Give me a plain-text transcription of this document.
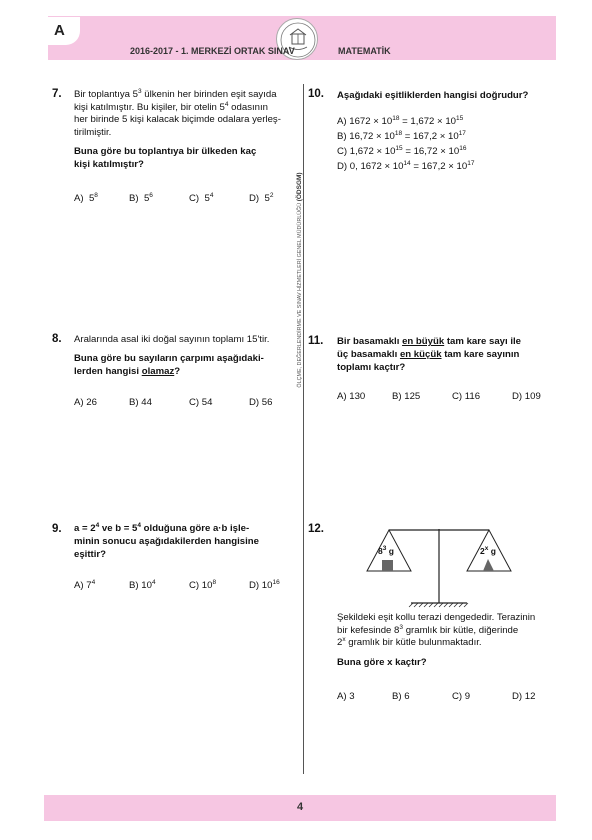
A
2016-2017 - 1. MERKEZİ ORTAK SINAV	MATEMATİK
ÖLÇME, DEĞERLENDİRME VE SINAV HİZMETLERİ GENEL MÜDÜRLÜĞÜ (ÖDSGM)
7. Bir toplantıya $5^3$ ülkenin her birinden eşit sayıda
kişi katılmıştır. Bu kişiler, bir otelin $5^4$ odasının
her birinde 5 kişi kalacak biçimde odalara yerleş-
tirilmiştir.
Buna göre bu toplantıya bir ülkeden kaç
kişi katılmıştır?
A) $5^8$	B) $5^6$	C) $5^4$	D) $5^2$
10. Aşağıdaki eşitliklerden hangisi doğrudur?
A) $1672 \times 10^{18} = 1,672 \times 10^{15}$
B) $16,72 \times 10^{18} = 167,2 \times 10^{17}$
C) $1,672 \times 10^{15} = 16,72 \times 10^{16}$
D) 0, $1672 \times 10^{14} = 167,2 \times 10^{17}$
8. Aralarında asal iki doğal sayının toplamı 15'tir.
Buna göre bu sayıların çarpımı aşağıdaki-
lerden hangisi olamaz?
A) 26	B) 44	C) 54	D) 56
11. Bir basamaklı en büyük tam kare sayı ile
üç basamaklı en küçük tam kare sayının
toplamı kaçtır?
A) 130	B) 125	C) 116	D) 109
9. $a = 2^4$ ve $b = 5^4$ olduğuna göre a·b işle-
minin sonucu aşağıdakilerden hangisine
eşittir?
A) $7^4$	B) $10^4$	C) $10^8$	D) $10^{16}$
12.
$8^3$ g	2$^x$ g
Şekildeki eşit kollu terazi dengededir. Terazinin
bir kefesinde $8^3$ gramlık bir kütle, diğerinde
2$^x$ gramlık bir kütle bulunmaktadır.
Buna göre x kaçtır?
A) 3	B) 6	C) 9	D) 12
4
